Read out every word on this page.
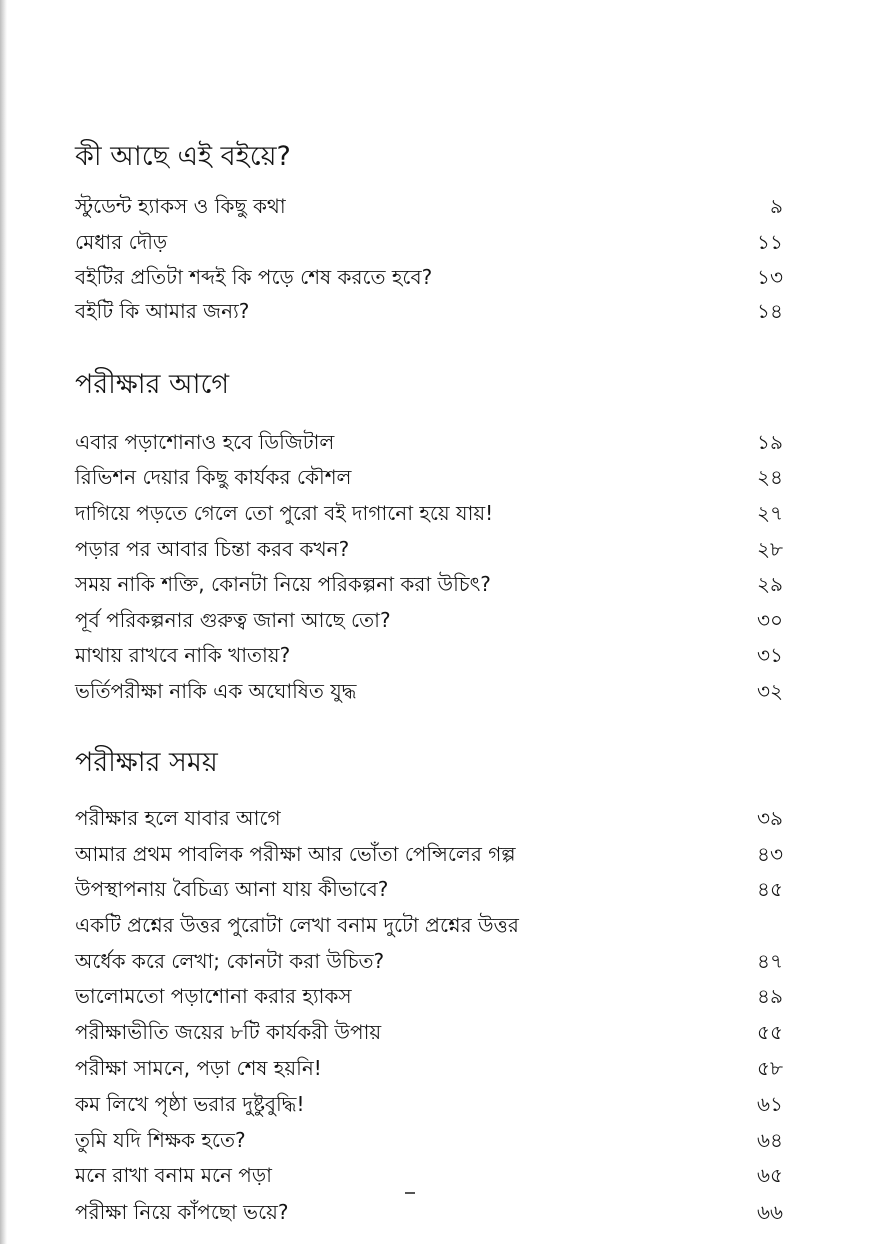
কী আছে এই বইয়ে?
স্টুডেন্ট হ্যাকস ও কিছু কথা	৯
মেধার দৌড়	১১
বইটির প্রতিটা শব্দই কি পড়ে শেষ করতে হবে?	১৩
বইটি কি আমার জন্য?	১৪
পরীক্ষার আগে
এবার পড়াশোনাও হবে ডিজিটাল	১৯
রিভিশন দেয়ার কিছু কার্যকর কৌশল	২৪
দাগিয়ে পড়তে গেলে তো পুরো বই দাগানো হয়ে যায়!	২৭
পড়ার পর আবার চিন্তা করব কখন?	২৮
সময় নাকি শক্তি, কোনটা নিয়ে পরিকল্পনা করা উচিৎ?	২৯
পূর্ব পরিকল্পনার গুরুত্ব জানা আছে তো?	৩০
মাথায় রাখবে নাকি খাতায়?	৩১
ভর্তিপরীক্ষা নাকি এক অঘোষিত যুদ্ধ	৩২
পরীক্ষার সময়
পরীক্ষার হলে যাবার আগে	৩৯
আমার প্রথম পাবলিক পরীক্ষা আর ভোঁতা পেন্সিলের গল্প	৪৩
উপস্থাপনায় বৈচিত্র্য আনা যায় কীভাবে?	৪৫
একটি প্রশ্নের উত্তর পুরোটা লেখা বনাম দুটো প্রশ্নের উত্তর
অর্ধেক করে লেখা; কোনটা করা উচিত?	৪৭
ভালোমতো পড়াশোনা করার হ্যাকস	৪৯
পরীক্ষাভীতি জয়ের ৮টি কার্যকরী উপায়	৫৫
পরীক্ষা সামনে, পড়া শেষ হয়নি!	৫৮
কম লিখে পৃষ্ঠা ভরার দুষ্টুবুদ্ধি!	৬১
তুমি যদি শিক্ষক হতে?	৬৪
মনে রাখা বনাম মনে পড়া	৬৫
পরীক্ষা নিয়ে কাঁপছো ভয়ে?	৬৬
